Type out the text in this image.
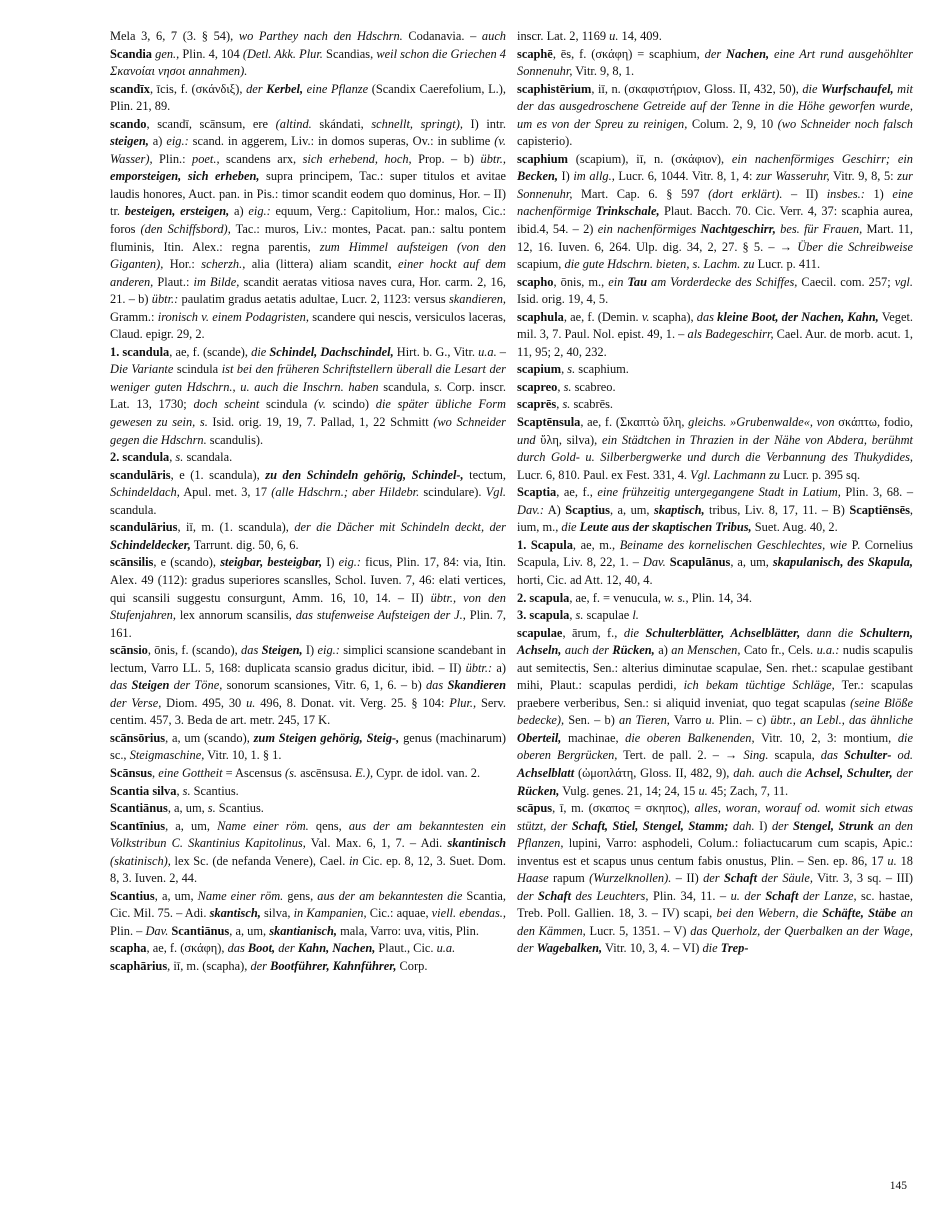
Mela 3, 6, 7 (3. § 54), wo Parthey nach den Hdschrn. Codanavia. – auch Scandia gen., Plin. 4, 104 (Detl. Akk. Plur. Scandias, weil schon die Griechen 4 Σκανοίαι νησοι annahmen).

scandīx, īcis, f. (σκάνδιξ), der Kerbel, eine Pflanze (Scandix Caerefolium, L.), Plin. 21, 89.

scando, scandī, scānsum, ere (altind. skándati, schnellt, springt), I) intr. steigen, a) eig.: scand. in aggerem, Liv.: in domos superas, Ov.: in sublime (v. Wasser), Plin.: poet., scandens arx, sich erhebend, hoch, Prop. – b) übtr., emporsteigen, sich erheben, supra principem, Tac.: super titulos et avitae laudis honores, Auct. pan. in Pis.: timor scandit eodem quo dominus, Hor. – II) tr. besteigen, ersteigen, a) eig.: equum, Verg.: Capitolium, Hor.: malos, Cic.: foros (den Schiffsbord), Tac.: muros, Liv.: montes, Pacat. pan.: saltu pontem fluminis, Itin. Alex.: regna parentis, zum Himmel aufsteigen (von den Giganten), Hor.: scherzh., alia (littera) aliam scandit, einer hockt auf dem anderen, Plaut.: im Bilde, scandit aeratas vitiosa naves cura, Hor. carm. 2, 16, 21. – b) übtr.: paulatim gradus aetatis adultae, Lucr. 2, 1123: versus skandieren, Gramm.: ironisch v. einem Podagristen, scandere qui nescis, versiculos laceras, Claud. epigr. 29, 2.

1. scandula, ae, f. (scande), die Schindel, Dachschindel, Hirt. b. G., Vitr. u.a. – Die Variante scindula ist bei den früheren Schriftstellern überall die Lesart der weniger guten Hdschrn., u. auch die Inschrn. haben scandula, s. Corp. inscr. Lat. 13, 1730; doch scheint scindula (v. scindo) die später übliche Form gewesen zu sein, s. Isid. orig. 19, 19, 7. Pallad, 1, 22 Schmitt (wo Schneider gegen die Hdschrn. scandulis).

2. scandula, s. scandala.

scandulāris, e (1. scandula), zu den Schindeln gehörig, Schindel-, tectum, Schindeldach, Apul. met. 3, 17 (alle Hdschrn.; aber Hildebr. scindulare). Vgl. scandula.

scandulārius, iī, m. (1. scandula), der die Dächer mit Schindeln deckt, der Schindeldecker, Tarrunt. dig. 50, 6, 6.

scānsilis, e (scando), steigbar, besteigbar, I) eig.: ficus, Plin. 17, 84: via, Itin. Alex. 49 (112): gradus superiores scanslles, Schol. Iuven. 7, 46: elati vertices, qui scansili suggestu consurgunt, Amm. 16, 10, 14. – II) übtr., von den Stufenjahren, lex annorum scansilis, das stufenweise Aufsteigen der J., Plin. 7, 161.

scānsio, ōnis, f. (scando), das Steigen, I) eig.: simplici scansione scandebant in lectum, Varro LL. 5, 168: duplicata scansio gradus dicitur, ibid. – II) übtr.: a) das Steigen der Töne, sonorum scansiones, Vitr. 6, 1, 6. – b) das Skandieren der Verse, Diom. 495, 30 u. 496, 8. Donat. vit. Verg. 25. § 104: Plur., Serv. centim. 457, 3. Beda de art. metr. 245, 17 K.

scānsōrius, a, um (scando), zum Steigen gehörig, Steig-, genus (machinarum) sc., Steigmaschine, Vitr. 10, 1. § 1.

Scānsus, eine Gottheit = Ascensus (s. ascēnsusa. E.), Cypr. de idol. van. 2.

Scantia silva, s. Scantius.

Scantiānus, a, um, s. Scantius.

Scantīnius, a, um, Name einer röm. qens, aus der am bekanntesten ein Volkstribun C. Skantinius Kapitolinus, Val. Max. 6, 1, 7. – Adi. skantinisch (skatinisch), lex Sc. (de nefanda Venere), Cael. in Cic. ep. 8, 12, 3. Suet. Dom. 8, 3. Iuven. 2, 44.

Scantius, a, um, Name einer röm. gens, aus der am bekanntesten die Scantia, Cic. Mil. 75. – Adi. skantisch, silva, in Kampanien, Cic.: aquae, viell. ebendas., Plin. – Dav. Scantiānus, a, um, skantianisch, mala, Varro: uva, vitis, Plin.

scapha, ae, f. (σκάφη), das Boot, der Kahn, Nachen, Plaut., Cic. u.a.

scaphārius, iī, m. (scapha), der Bootführer, Kahnführer, Corp.

inscr. Lat. 2, 1169 u. 14, 409.

scaphē, ēs, f. (σκάφη) = scaphium, der Nachen, eine Art rund ausgehöhlter Sonnenuhr, Vitr. 9, 8, 1.

scaphistērium, iī, n. (σκαφιστήριον, Gloss. II, 432, 50), die Wurfschaufel, mit der das ausgedroschene Getreide auf der Tenne in die Höhe geworfen wurde, um es von der Spreu zu reinigen, Colum. 2, 9, 10 (wo Schneider noch falsch capisterio).

scaphium (scapium), iī, n. (σκάφιον), ein nachenförmiges Geschirr; ein Becken, I) im allg., Lucr. 6, 1044. Vitr. 8, 1, 4: zur Wasseruhr, Vitr. 9, 8, 5: zur Sonnenuhr, Mart. Cap. 6. § 597 (dort erklärt). – II) insbes.: 1) eine nachenförmige Trinkschale, Plaut. Bacch. 70. Cic. Verr. 4, 37: scaphia aurea, ibid.4, 54. – 2) ein nachenförmiges Nachtgeschirr, bes. für Frauen, Mart. 11, 12, 16. Iuven. 6, 264. Ulp. dig. 34, 2, 27. § 5. – → Über die Schreibweise scapium, die gute Hdschrn. bieten, s. Lachm. zu Lucr. p. 411.

scapho, ōnis, m., ein Tau am Vorderdecke des Schiffes, Caecil. com. 257; vgl. Isid. orig. 19, 4, 5.

scaphula, ae, f. (Demin. v. scapha), das kleine Boot, der Nachen, Kahn, Veget. mil. 3, 7. Paul. Nol. epist. 49, 1. – als Badegeschirr, Cael. Aur. de morb. acut. 1, 11, 95; 2, 40, 232.

scapium, s. scaphium.

scapreo, s. scabreo.

scaprēs, s. scabrēs.

Scaptēnsula, ae, f. (Σκαπτὼ ὕλη, gleichs. »Grubenwalde«, von σκάπτω, fodio, und ὕλη, silva), ein Städtchen in Thrazien in der Nähe von Abdera, berühmt durch Gold- u. Silberbergwerke und durch die Verbannung des Thukydides, Lucr. 6, 810. Paul. ex Fest. 331, 4. Vgl. Lachmann zu Lucr. p. 395 sq.

Scaptia, ae, f., eine frühzeitig untergegangene Stadt in Latium, Plin. 3, 68. – Dav.: A) Scaptius, a, um, skaptisch, tribus, Liv. 8, 17, 11. – B) Scaptiēnsēs, ium, m., die Leute aus der skaptischen Tribus, Suet. Aug. 40, 2.

1. Scapula, ae, m., Beiname des kornelischen Geschlechtes, wie P. Cornelius Scapula, Liv. 8, 22, 1. – Dav. Scapulānus, a, um, skapulanisch, des Skapula, horti, Cic. ad Att. 12, 40, 4.

2. scapula, ae, f. = venucula, w. s., Plin. 14, 34.

3. scapula, s. scapulae l.

scapulae, ārum, f., die Schulterblätter, Achselblätter, dann die Schultern, Achseln, auch der Rücken, a) an Menschen, Cato fr., Cels. u.a.: nudis scapulis aut semitectis, Sen.: alterius diminutae scapulae, Sen. rhet.: scapulae gestibant mihi, Plaut.: scapulas perdidi, ich bekam tüchtige Schläge, Ter.: scapulas praebere verberibus, Sen.: si aliquid inveniat, quo tegat scapulas (seine Blöße bedecke), Sen. – b) an Tieren, Varro u. Plin. – c) übtr., an Lebl., das ähnliche Oberteil, machinae, die oberen Balkenenden, Vitr. 10, 2, 3: montium, die oberen Bergrücken, Tert. de pall. 2. – → Sing. scapula, das Schulter- od. Achselblatt (ὠμοπλάτη, Gloss. II, 482, 9), dah. auch die Achsel, Schulter, der Rücken, Vulg. genes. 21, 14; 24, 15 u. 45; Zach, 7, 11.

scāpus, ī, m. (σκαπος = σκηπος), alles, woran, worauf od. womit sich etwas stützt, der Schaft, Stiel, Stengel, Stamm; dah. I) der Stengel, Strunk an den Pflanzen, lupini, Varro: asphodeli, Colum.: foliactucarum cum scapis, Apic.: inventus est et scapus unus centum fabis onustus, Plin. – Sen. ep. 86, 17 u. 18 Haase rapum (Wurzelknollen). – II) der Schaft der Säule, Vitr. 3, 3 sq. – III) der Schaft des Leuchters, Plin. 34, 11. – u. der Schaft der Lanze, sc. hastae, Treb. Poll. Gallien. 18, 3. – IV) scapi, bei den Webern, die Schäfte, Stäbe an den Kämmen, Lucr. 5, 1351. – V) das Querholz, der Querbalken an der Wage, der Wagebalken, Vitr. 10, 3, 4. – VI) die Trep-

145
